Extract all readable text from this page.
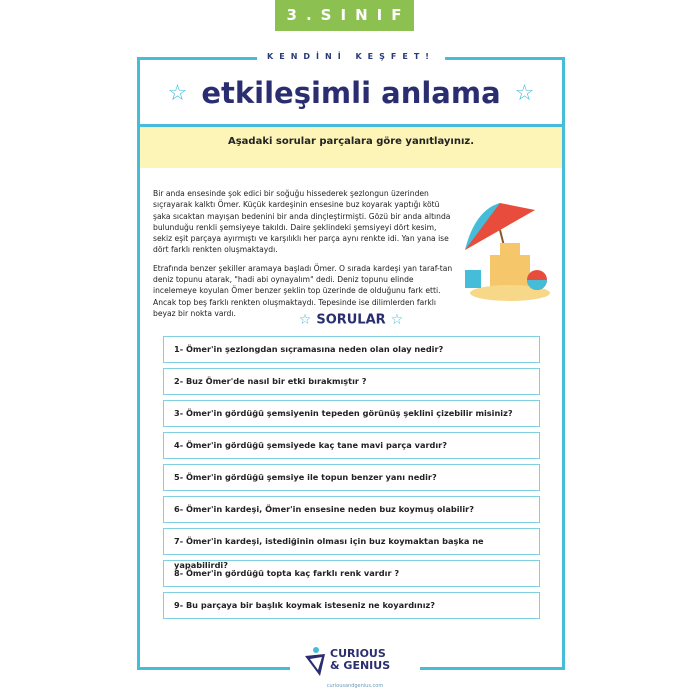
3.SINIF
KENDİNİ KEŞFET!
☆ etkileşimli anlama ☆
Aşadaki sorular parçalara göre yanıtlayınız.

Bir anda ensesinde şok edici bir soğuğu hissederek şezlongun üzerinden sıçrayarak kalktı Ömer. Küçük kardeşinin ensesine buz koyarak yaptığı kötü şaka sıcaktan mayışan bedenini bir anda dinçleştirmişti. Gözü bir anda altında bulunduğu renkli şemsiyeye takıldı. Daire şeklindeki şemsiyeyi dört kesim, sekiz eşit parçaya ayırmıştı ve karşılıklı her parça aynı renkte idi. Yan yana ise dört farklı renkten oluşmaktaydı.

Etrafında benzer şekiller aramaya başladı Ömer. O sırada kardeşi yan taraf-tan deniz topunu atarak, "hadi abi oynayalım" dedi. Deniz topunu elinde incelemeye koyulan Ömer benzer şeklin top üzerinde de olduğunu fark etti. Ancak top beş farklı renkten oluşmaktaydı. Tepesinde ise dilimlerden farklı beyaz bir nokta vardı.	☆ SORULAR ☆
1- Ömer'in şezlongdan sıçramasına neden olan olay nedir?
2- Buz Ömer'de nasıl bir etki bırakmıştır ?
3- Ömer'in gördüğü şemsiyenin tepeden görünüş şeklini çizebilir misiniz?
4- Ömer'in gördüğü şemsiyede kaç tane mavi parça vardır?
5- Ömer'in gördüğü şemsiye ile topun benzer yanı nedir?
6- Ömer'in kardeşi, Ömer'in ensesine neden buz koymuş olabilir?
7- Ömer'in kardeşi, istediğinin olması için buz koymaktan başka ne yapabilirdi?
8- Ömer'in gördüğü topta kaç farklı renk vardır ?
9- Bu parçaya bir başlık koymak isteseniz ne koyardınız?
CURIOUS
& GENIUS
curiousandgenius.com
